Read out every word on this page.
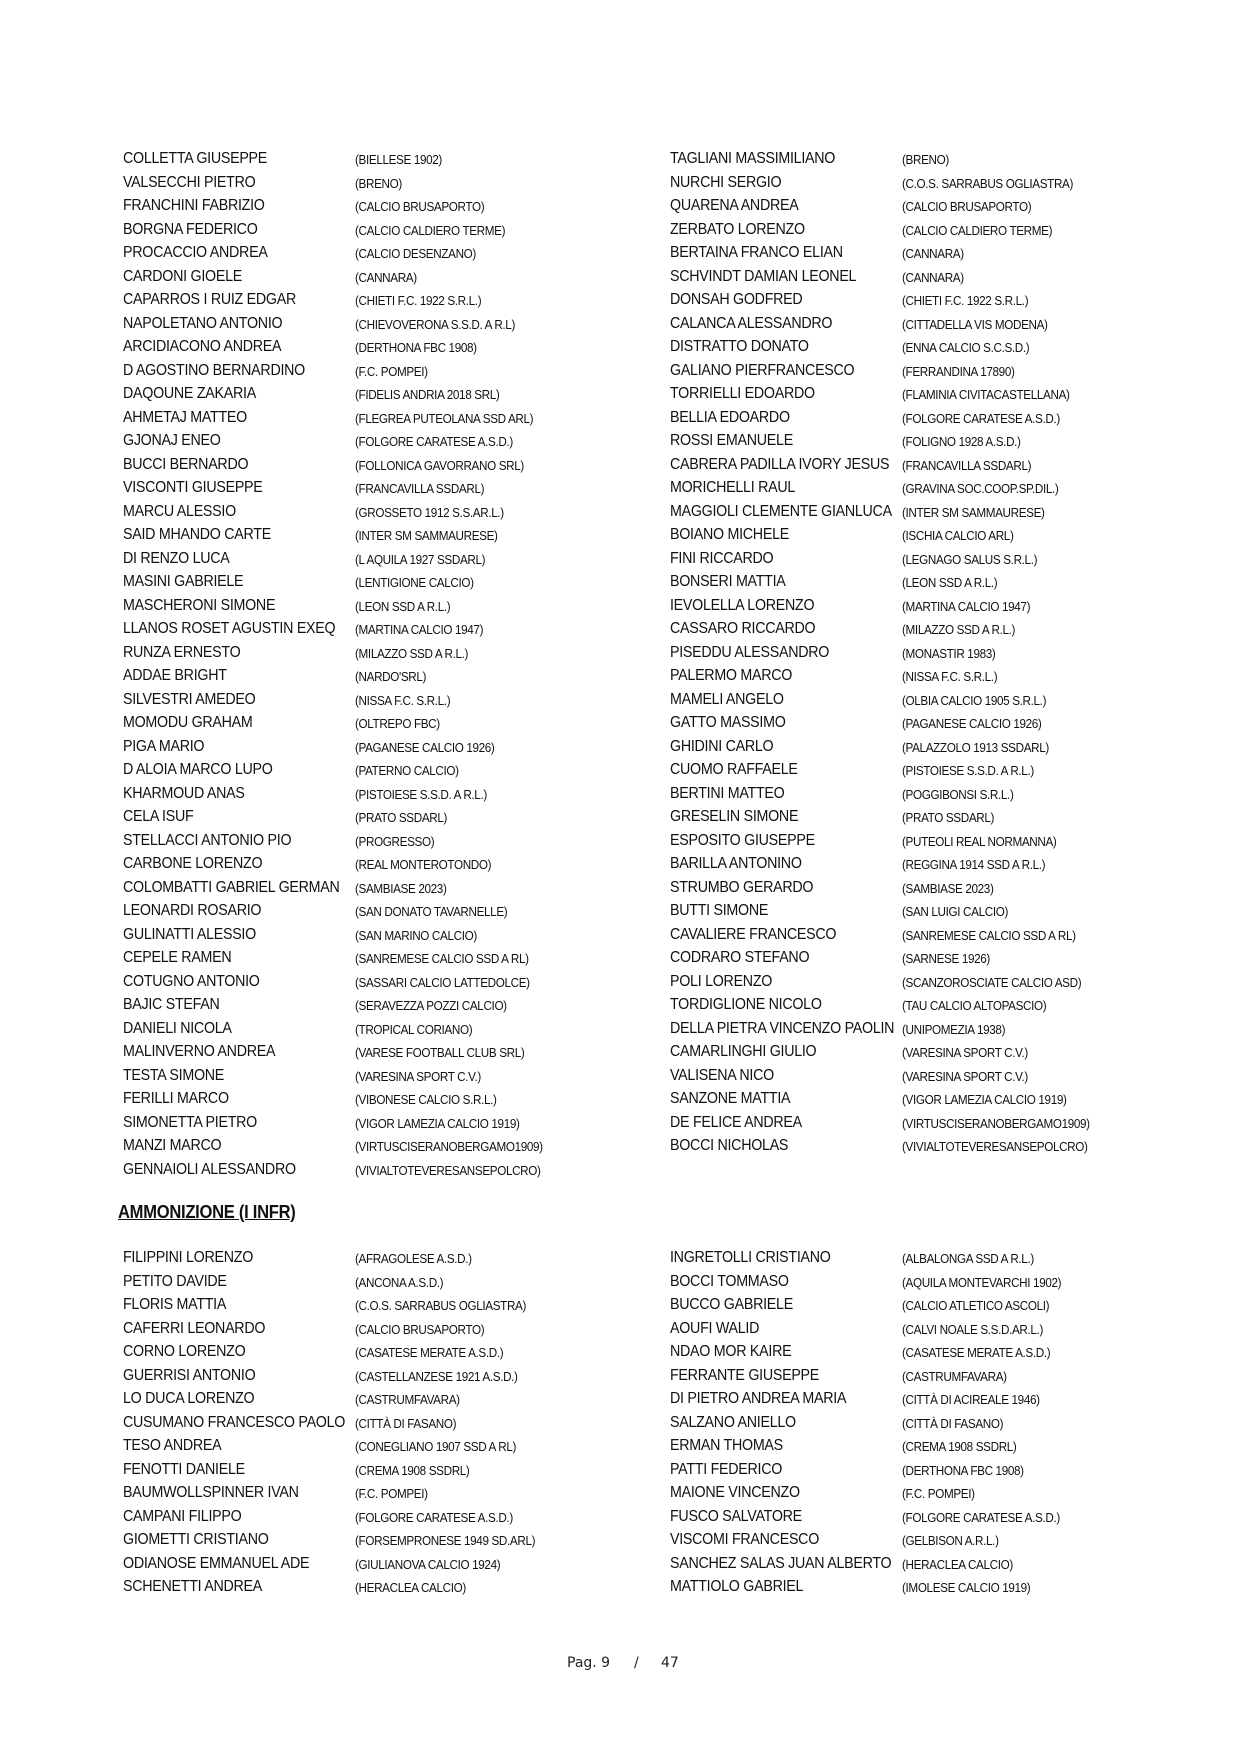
COLLETTA GIUSEPPE	(BIELLESE 1902)
VALSECCHI PIETRO	(BRENO)
FRANCHINI FABRIZIO	(CALCIO BRUSAPORTO)
BORGNA FEDERICO	(CALCIO CALDIERO TERME)
PROCACCIO ANDREA	(CALCIO DESENZANO)
CARDONI GIOELE	(CANNARA)
CAPARROS I RUIZ EDGAR	(CHIETI F.C. 1922 S.R.L.)
NAPOLETANO ANTONIO	(CHIEVOVERONA S.S.D. A R.L)
ARCIDIACONO ANDREA	(DERTHONA FBC 1908)
D AGOSTINO BERNARDINO	(F.C. POMPEI)
DAQOUNE ZAKARIA	(FIDELIS ANDRIA 2018 SRL)
AHMETAJ MATTEO	(FLEGREA PUTEOLANA SSD ARL)
GJONAJ ENEO	(FOLGORE CARATESE A.S.D.)
BUCCI BERNARDO	(FOLLONICA GAVORRANO SRL)
VISCONTI GIUSEPPE	(FRANCAVILLA SSDARL)
MARCU ALESSIO	(GROSSETO 1912 S.S.AR.L.)
SAID MHANDO CARTE	(INTER SM SAMMAURESE)
DI RENZO LUCA	(L AQUILA 1927 SSDARL)
MASINI GABRIELE	(LENTIGIONE CALCIO)
MASCHERONI SIMONE	(LEON SSD A R.L.)
LLANOS ROSET AGUSTIN EXEQ (MARTINA CALCIO 1947)
RUNZA ERNESTO	(MILAZZO SSD A R.L.)
ADDAE BRIGHT	(NARDO'SRL)
SILVESTRI AMEDEO	(NISSA F.C. S.R.L.)
MOMODU GRAHAM	(OLTREPO FBC)
PIGA MARIO	(PAGANESE CALCIO 1926)
D ALOIA MARCO LUPO	(PATERNO CALCIO)
KHARMOUD ANAS	(PISTOIESE S.S.D. A R.L.)
CELA ISUF	(PRATO SSDARL)
STELLACCI ANTONIO PIO	(PROGRESSO)
CARBONE LORENZO	(REAL MONTEROTONDO)
COLOMBATTI GABRIEL GERMAN (SAMBIASE 2023)
LEONARDI ROSARIO	(SAN DONATO TAVARNELLE)
GULINATTI ALESSIO	(SAN MARINO CALCIO)
CEPELE RAMEN	(SANREMESE CALCIO SSD A RL)
COTUGNO ANTONIO	(SASSARI CALCIO LATTEDOLCE)
BAJIC STEFAN	(SERAVEZZA POZZI CALCIO)
DANIELI NICOLA	(TROPICAL CORIANO)
MALINVERNO ANDREA	(VARESE FOOTBALL CLUB SRL)
TESTA SIMONE	(VARESINA SPORT C.V.)
FERILLI MARCO	(VIBONESE CALCIO S.R.L.)
SIMONETTA PIETRO	(VIGOR LAMEZIA CALCIO 1919)
MANZI MARCO	(VIRTUSCISERANOBERGAMO1909)
GENNAIOLI ALESSANDRO	(VIVIALTOTEVERESANSEPOLCRO)
TAGLIANI MASSIMILIANO	(BRENO)
NURCHI SERGIO	(C.O.S. SARRABUS OGLIASTRA)
QUARENA ANDREA	(CALCIO BRUSAPORTO)
ZERBATO LORENZO	(CALCIO CALDIERO TERME)
BERTAINA FRANCO ELIAN	(CANNARA)
SCHVINDT DAMIAN LEONEL	(CANNARA)
DONSAH GODFRED	(CHIETI F.C. 1922 S.R.L.)
CALANCA ALESSANDRO	(CITTADELLA VIS MODENA)
DISTRATTO DONATO	(ENNA CALCIO S.C.S.D.)
GALIANO PIERFRANCESCO	(FERRANDINA 17890)
TORRIELLI EDOARDO	(FLAMINIA CIVITACASTELLANA)
BELLIA EDOARDO	(FOLGORE CARATESE A.S.D.)
ROSSI EMANUELE	(FOLIGNO 1928 A.S.D.)
CABRERA PADILLA IVORY JESUS (FRANCAVILLA SSDARL)
MORICHELLI RAUL	(GRAVINA SOC.COOP.SP.DIL.)
MAGGIOLI CLEMENTE GIANLUCA (INTER SM SAMMAURESE)
BOIANO MICHELE	(ISCHIA CALCIO ARL)
FINI RICCARDO	(LEGNAGO SALUS S.R.L.)
BONSERI MATTIA	(LEON SSD A R.L.)
IEVOLELLA LORENZO	(MARTINA CALCIO 1947)
CASSARO RICCARDO	(MILAZZO SSD A R.L.)
PISEDDU ALESSANDRO	(MONASTIR 1983)
PALERMO MARCO	(NISSA F.C. S.R.L.)
MAMELI ANGELO	(OLBIA CALCIO 1905 S.R.L.)
GATTO MASSIMO	(PAGANESE CALCIO 1926)
GHIDINI CARLO	(PALAZZOLO 1913 SSDARL)
CUOMO RAFFAELE	(PISTOIESE S.S.D. A R.L.)
BERTINI MATTEO	(POGGIBONSI S.R.L.)
GRESELIN SIMONE	(PRATO SSDARL)
ESPOSITO GIUSEPPE	(PUTEOLI REAL NORMANNA)
BARILLA ANTONINO	(REGGINA 1914 SSD A R.L.)
STRUMBO GERARDO	(SAMBIASE 2023)
BUTTI SIMONE	(SAN LUIGI CALCIO)
CAVALIERE FRANCESCO	(SANREMESE CALCIO SSD A RL)
CODRARO STEFANO	(SARNESE 1926)
POLI LORENZO	(SCANZOROSCIATE CALCIO ASD)
TORDIGLIONE NICOLO	(TAU CALCIO ALTOPASCIO)
DELLA PIETRA VINCENZO PAOLIN (UNIPOMEZIA 1938)
CAMARLINGHI GIULIO	(VARESINA SPORT C.V.)
VALISENA NICO	(VARESINA SPORT C.V.)
SANZONE MATTIA	(VIGOR LAMEZIA CALCIO 1919)
DE FELICE ANDREA	(VIRTUSCISERANOBERGAMO1909)
BOCCI NICHOLAS	(VIVIALTOTEVERESANSEPOLCRO)
AMMONIZIONE (I INFR)
FILIPPINI LORENZO	(AFRAGOLESE A.S.D.)
PETITO DAVIDE	(ANCONA A.S.D.)
FLORIS MATTIA	(C.O.S. SARRABUS OGLIASTRA)
CAFERRI LEONARDO	(CALCIO BRUSAPORTO)
CORNO LORENZO	(CASATESE MERATE A.S.D.)
GUERRISI ANTONIO	(CASTELLANZESE 1921 A.S.D.)
LO DUCA LORENZO	(CASTRUMFAVARA)
CUSUMANO FRANCESCO PAOLO (CITTÀ DI FASANO)
TESO ANDREA	(CONEGLIANO 1907 SSD A RL)
FENOTTI DANIELE	(CREMA 1908 SSDRL)
BAUMWOLLSPINNER IVAN	(F.C. POMPEI)
CAMPANI FILIPPO	(FOLGORE CARATESE A.S.D.)
GIOMETTI CRISTIANO	(FORSEMPRONESE 1949 SD.ARL)
ODIANOSE EMMANUEL ADE	(GIULIANOVA CALCIO 1924)
SCHENETTI ANDREA	(HERACLEA CALCIO)
INGRETOLLI CRISTIANO	(ALBALONGA SSD A R.L.)
BOCCI TOMMASO	(AQUILA MONTEVARCHI 1902)
BUCCO GABRIELE	(CALCIO ATLETICO ASCOLI)
AOUFI WALID	(CALVI NOALE S.S.D.AR.L.)
NDAO MOR KAIRE	(CASATESE MERATE A.S.D.)
FERRANTE GIUSEPPE	(CASTRUMFAVARA)
DI PIETRO ANDREA MARIA	(CITTÀ DI ACIREALE 1946)
SALZANO ANIELLO	(CITTÀ DI FASANO)
ERMAN THOMAS	(CREMA 1908 SSDRL)
PATTI FEDERICO	(DERTHONA FBC 1908)
MAIONE VINCENZO	(F.C. POMPEI)
FUSCO SALVATORE	(FOLGORE CARATESE A.S.D.)
VISCOMI FRANCESCO	(GELBISON A.R.L.)
SANCHEZ SALAS JUAN ALBERTO (HERACLEA CALCIO)
MATTIOLO GABRIEL	(IMOLESE CALCIO 1919)
Pag. 9 / 47
